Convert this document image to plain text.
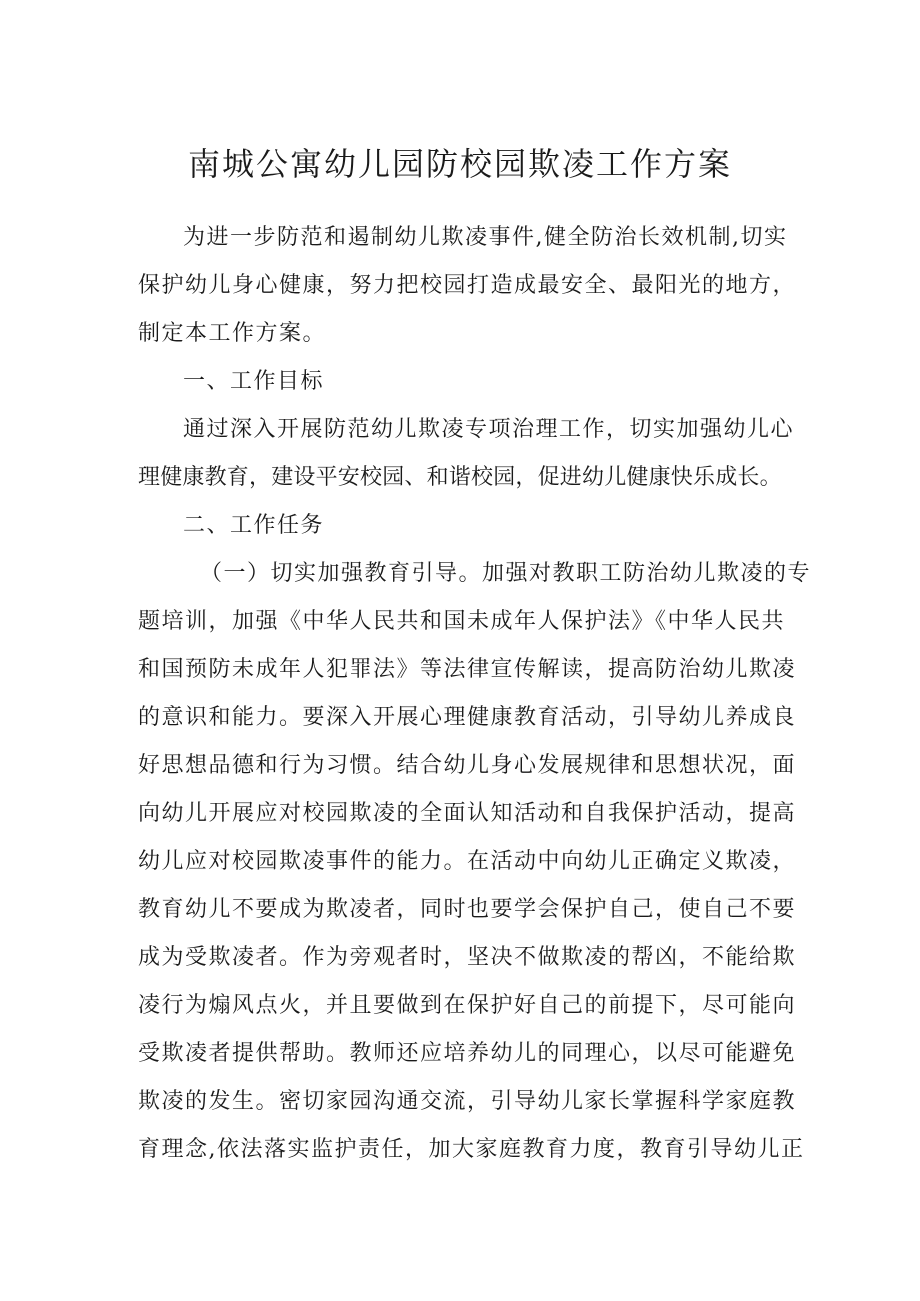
南城公寓幼儿园防校园欺凌工作方案

为进一步防范和遏制幼儿欺凌事件,健全防治长效机制,切实

保护幼儿身心健康，努力把校园打造成最安全、最阳光的地方，

制定本工作方案。

一、工作目标

通过深入开展防范幼儿欺凌专项治理工作，切实加强幼儿心

理健康教育，建设平安校园、和谐校园，促进幼儿健康快乐成长。

二、工作任务

（一）切实加强教育引导。加强对教职工防治幼儿欺凌的专

题培训，加强《中华人民共和国未成年人保护法》《中华人民共

和国预防未成年人犯罪法》等法律宣传解读，提高防治幼儿欺凌

的意识和能力。要深入开展心理健康教育活动，引导幼儿养成良

好思想品德和行为习惯。结合幼儿身心发展规律和思想状况，面

向幼儿开展应对校园欺凌的全面认知活动和自我保护活动，提高

幼儿应对校园欺凌事件的能力。在活动中向幼儿正确定义欺凌，

教育幼儿不要成为欺凌者，同时也要学会保护自己，使自己不要

成为受欺凌者。作为旁观者时，坚决不做欺凌的帮凶，不能给欺

凌行为煽风点火，并且要做到在保护好自己的前提下，尽可能向

受欺凌者提供帮助。教师还应培养幼儿的同理心，以尽可能避免

欺凌的发生。密切家园沟通交流，引导幼儿家长掌握科学家庭教

育理念,依法落实监护责任，加大家庭教育力度，教育引导幼儿正
